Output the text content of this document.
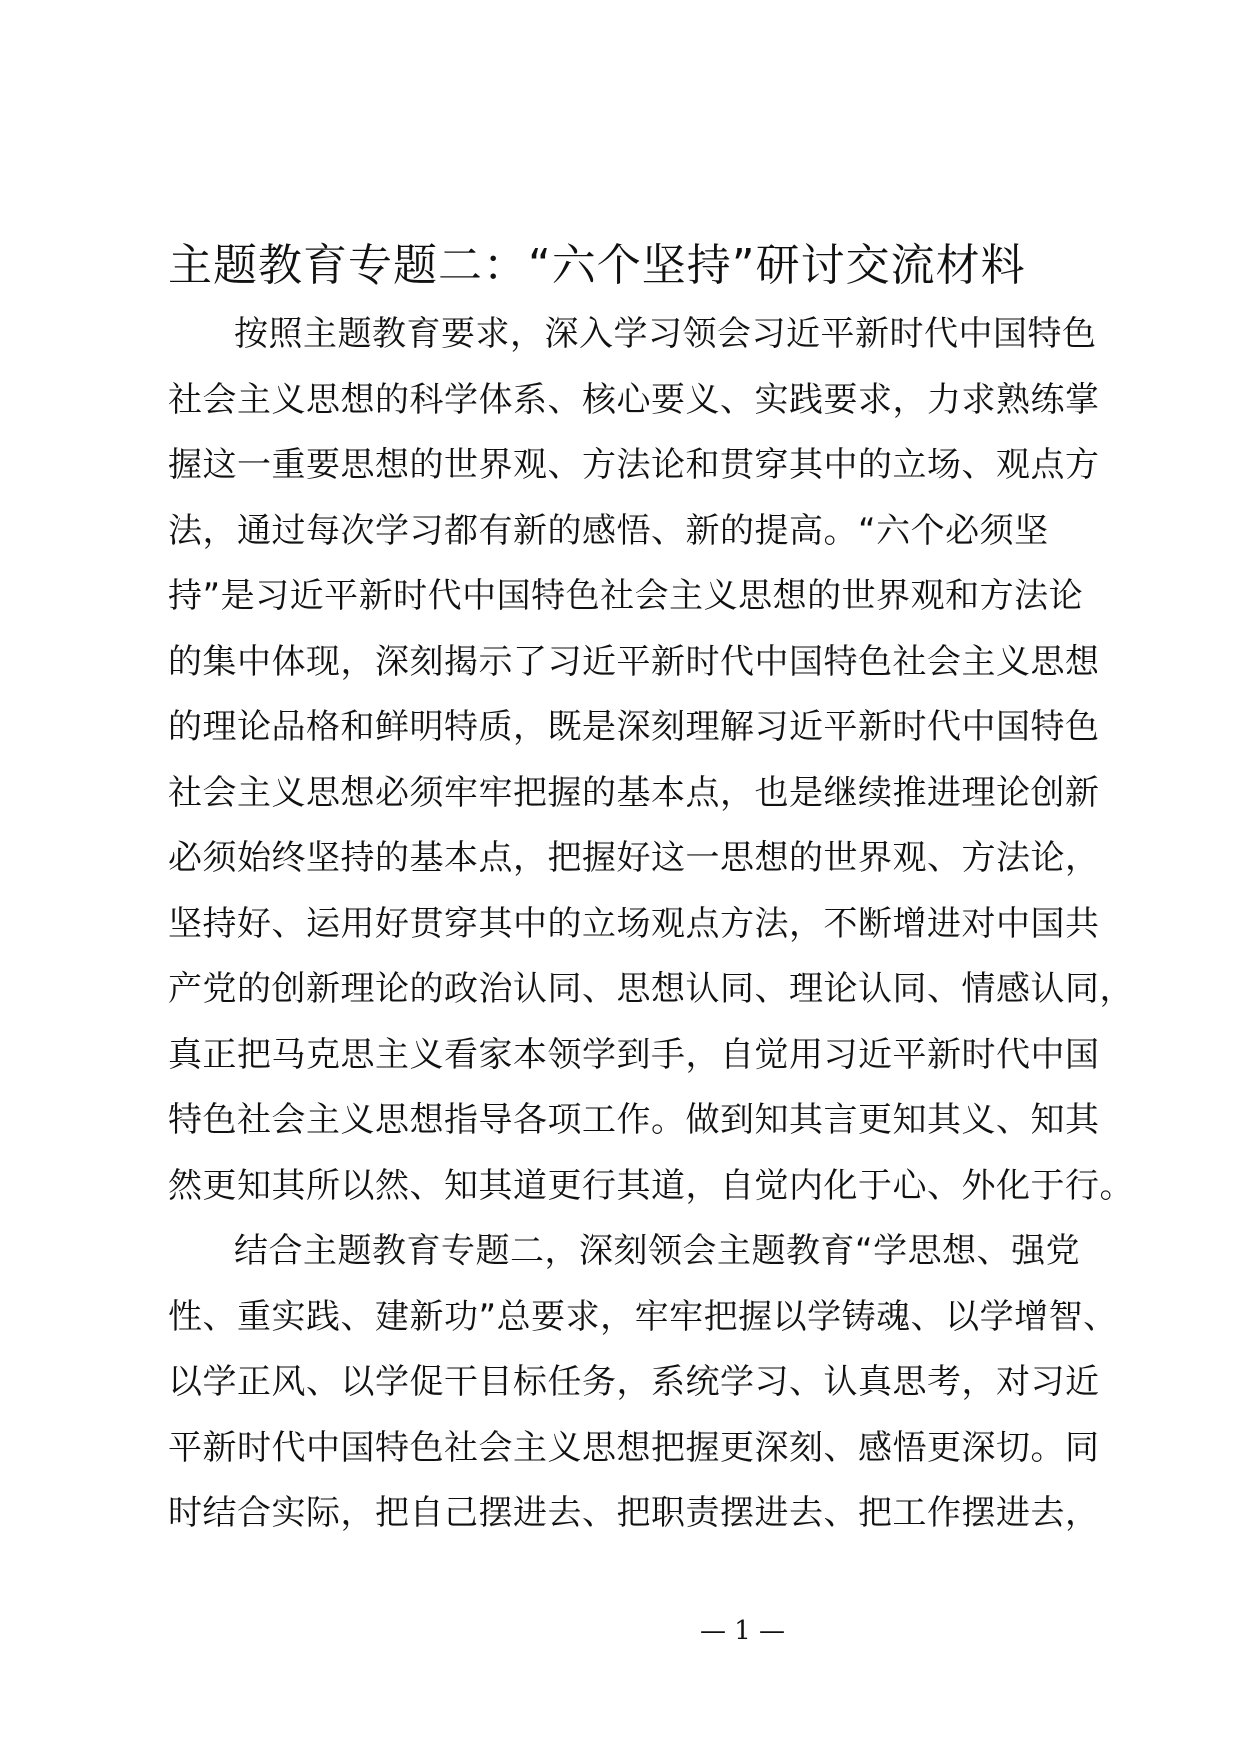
主题教育专题二：“六个坚持”研讨交流材料
按照主题教育要求，深入学习领会习近平新时代中国特色
社会主义思想的科学体系、核心要义、实践要求，力求熟练掌
握这一重要思想的世界观、方法论和贯穿其中的立场、观点方
法，通过每次学习都有新的感悟、新的提高。“六个必须坚
持”是习近平新时代中国特色社会主义思想的世界观和方法论
的集中体现，深刻揭示了习近平新时代中国特色社会主义思想
的理论品格和鲜明特质，既是深刻理解习近平新时代中国特色
社会主义思想必须牢牢把握的基本点，也是继续推进理论创新
必须始终坚持的基本点，把握好这一思想的世界观、方法论，
坚持好、运用好贯穿其中的立场观点方法，不断增进对中国共
产党的创新理论的政治认同、思想认同、理论认同、情感认同，
真正把马克思主义看家本领学到手，自觉用习近平新时代中国
特色社会主义思想指导各项工作。做到知其言更知其义、知其
然更知其所以然、知其道更行其道，自觉内化于心、外化于行。
结合主题教育专题二，深刻领会主题教育“学思想、强党
性、重实践、建新功”总要求，牢牢把握以学铸魂、以学增智、
以学正风、以学促干目标任务，系统学习、认真思考，对习近
平新时代中国特色社会主义思想把握更深刻、感悟更深切。同
时结合实际，把自己摆进去、把职责摆进去、把工作摆进去，
— 1 —
